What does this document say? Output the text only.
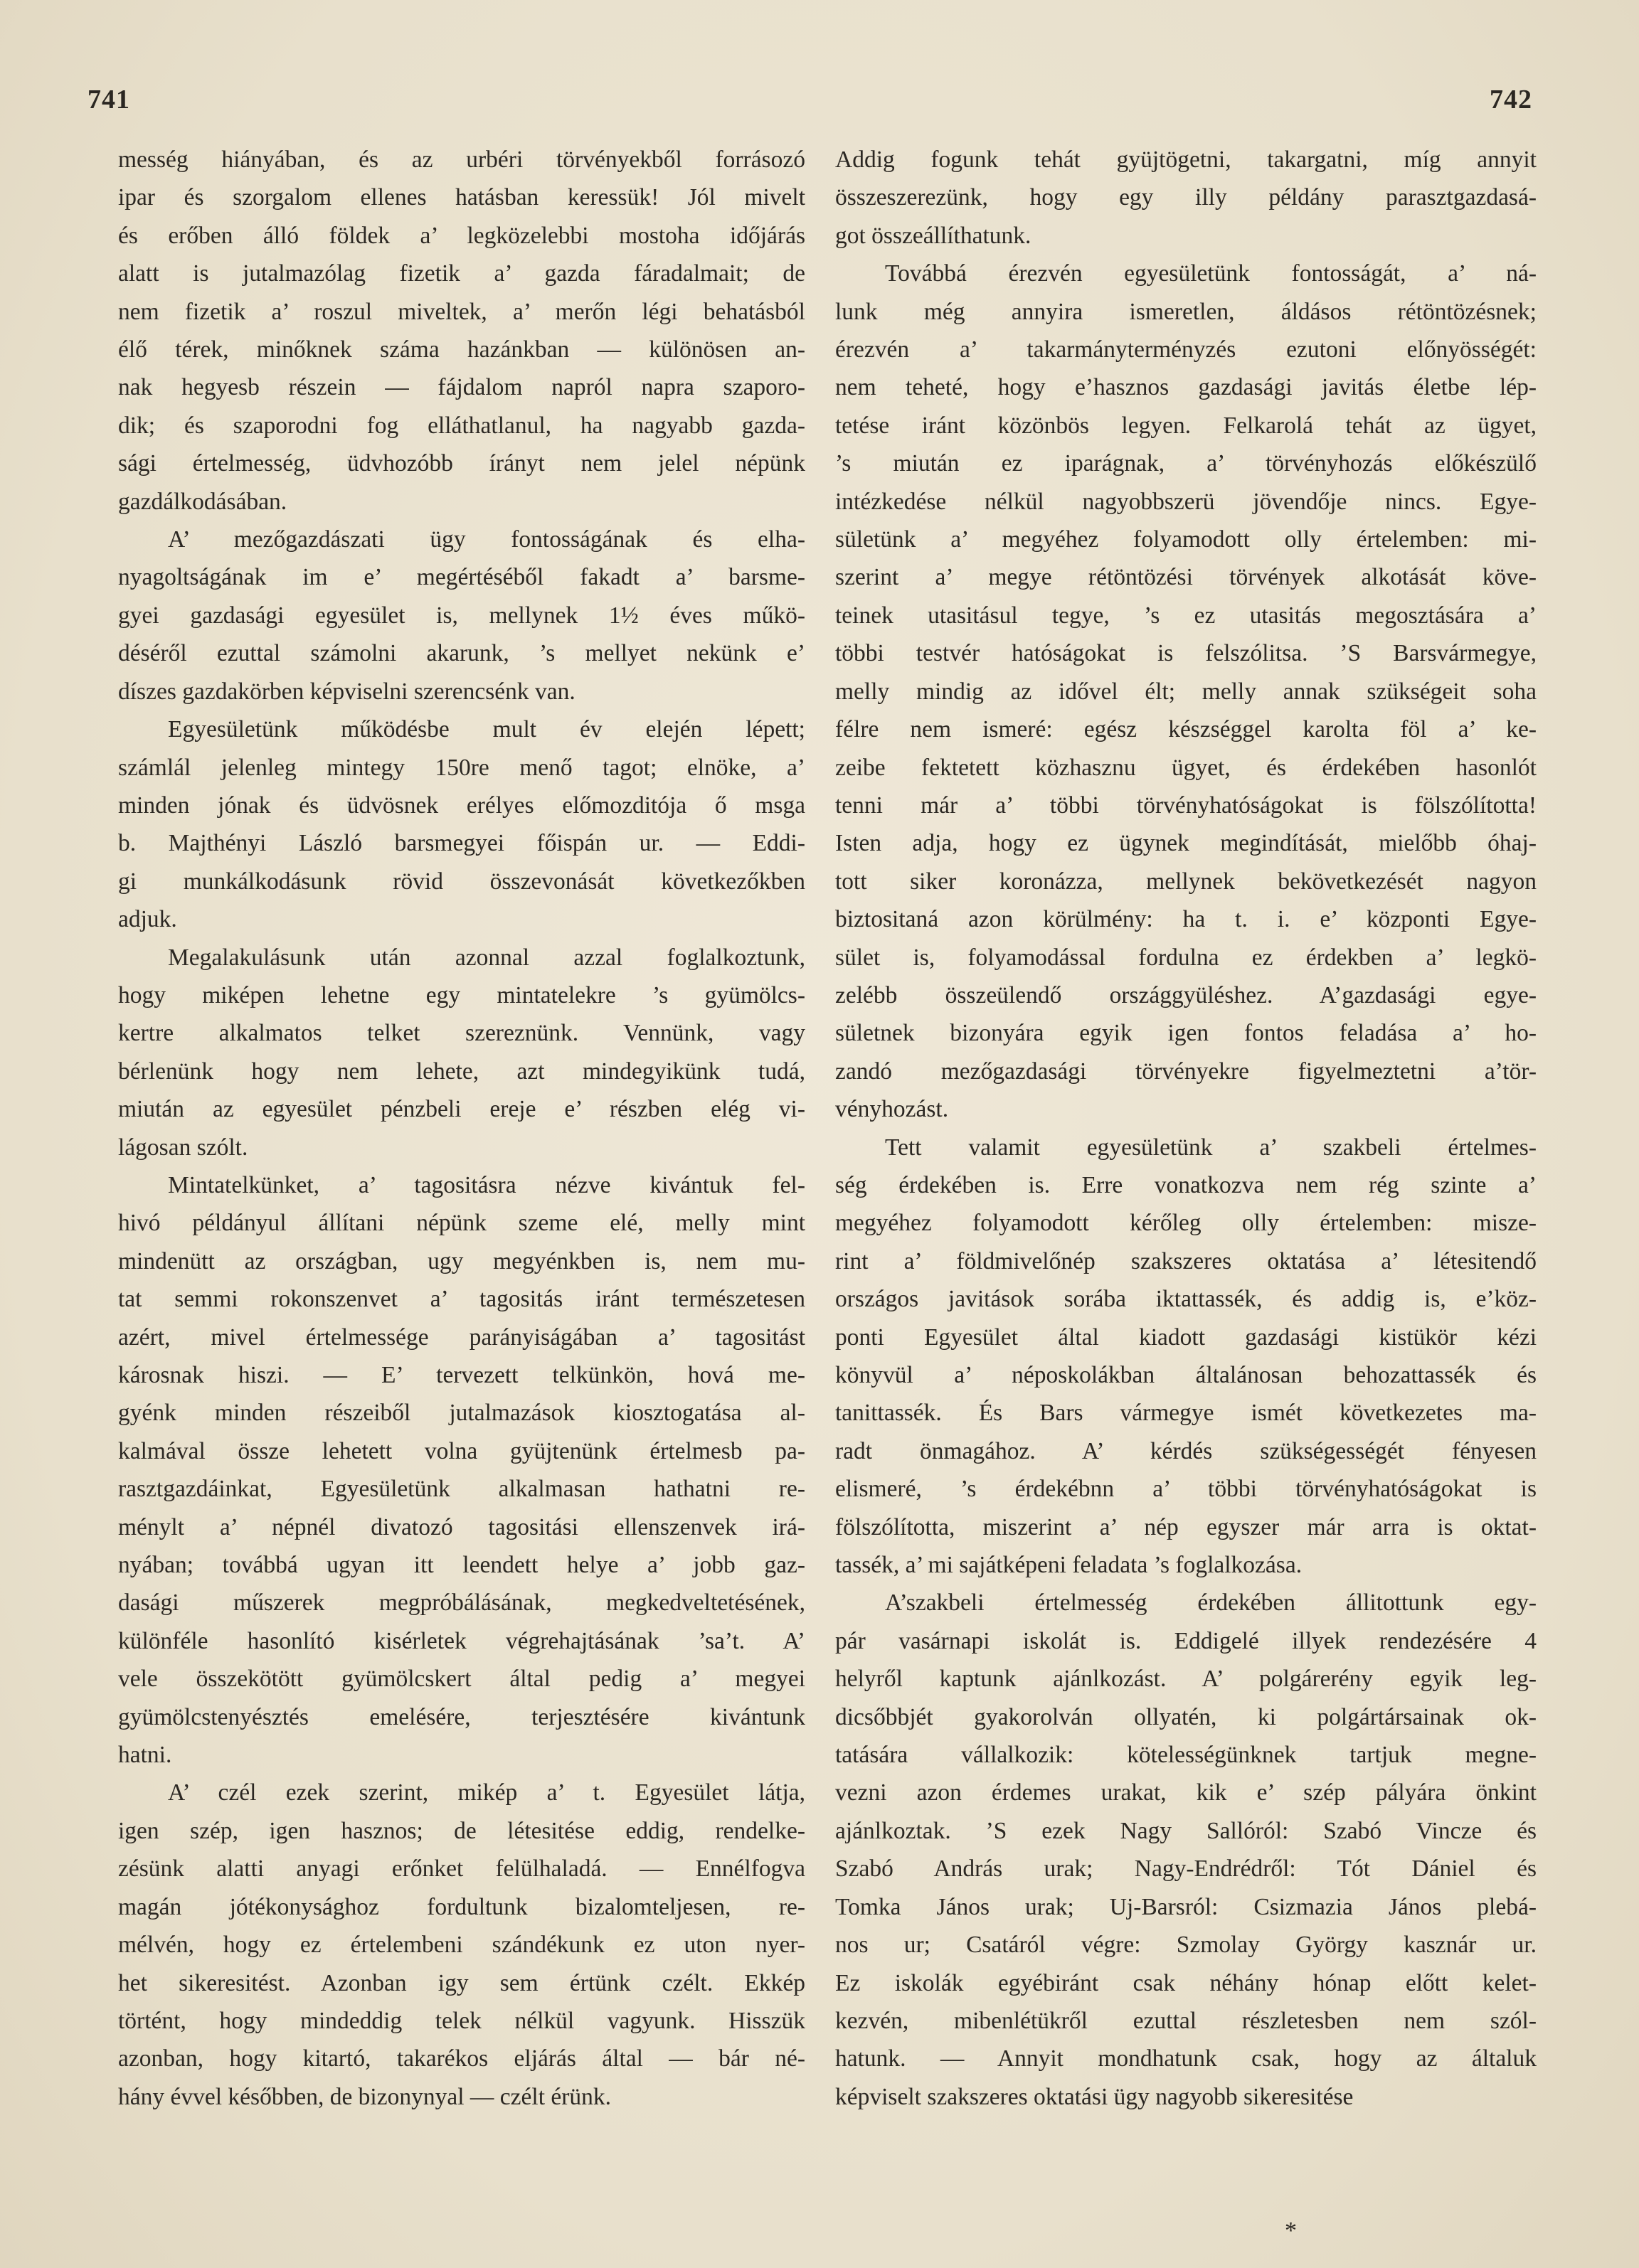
741	742

messég hiányában, és az urbéri törvényekből forrásozó
ipar és szorgalom ellenes hatásban keressük! Jól mivelt
és erőben álló földek a’ legközelebbi mostoha időjárás
alatt is jutalmazólag fizetik a’ gazda fáradalmait; de
nem fizetik a’ roszul miveltek, a’ merőn légi behatásból
élő térek, minőknek száma hazánkban — különösen an-
nak hegyesb részein — fájdalom napról napra szaporo-
dik; és szaporodni fog elláthatlanul, ha nagyabb gazda-
sági értelmesség, üdvhozóbb írányt nem jelel népünk
gazdálkodásában.

A’ mezőgazdászati ügy fontosságának és elha-
nyagoltságának im e’ megértéséből fakadt a’ barsme-
gyei gazdasági egyesület is, mellynek 1½ éves műkö-
déséről ezuttal számolni akarunk, ’s mellyet nekünk e’
díszes gazdakörben képviselni szerencsénk van.

Egyesületünk működésbe mult év elején lépett;
számlál jelenleg mintegy 150re menő tagot; elnöke, a’
minden jónak és üdvösnek erélyes előmozditója ő msga
b. Majthényi László barsmegyei főispán ur. — Eddi-
gi munkálkodásunk rövid összevonását következőkben
adjuk.

Megalakulásunk után azonnal azzal foglalkoztunk,
hogy miképen lehetne egy mintatelekre ’s gyümölcs-
kertre alkalmatos telket szereznünk. Vennünk, vagy
bérlenünk hogy nem lehete, azt mindegyikünk tudá,
miután az egyesület pénzbeli ereje e’ részben elég vi-
lágosan szólt.

Mintatelkünket, a’ tagositásra nézve kivántuk fel-
hivó példányul állítani népünk szeme elé, melly mint
mindenütt az országban, ugy megyénkben is, nem mu-
tat semmi rokonszenvet a’ tagositás iránt természetesen
azért, mivel értelmessége parányiságában a’ tagositást
károsnak hiszi. — E’ tervezett telkünkön, hová me-
gyénk minden részeiből jutalmazások kiosztogatása al-
kalmával össze lehetett volna gyüjtenünk értelmesb pa-
rasztgazdáinkat, Egyesületünk alkalmasan hathatni re-
ménylt a’ népnél divatozó tagositási ellenszenvek irá-
nyában; továbbá ugyan itt leendett helye a’ jobb gaz-
dasági műszerek megpróbálásának, megkedveltetésének,
különféle hasonlító kisérletek végrehajtásának ’sa’t. A’
vele összekötött gyümölcskert által pedig a’ megyei
gyümölcstenyésztés emelésére, terjesztésére kivántunk
hatni.

A’ czél ezek szerint, mikép a’ t. Egyesület látja,
igen szép, igen hasznos; de létesitése eddig, rendelke-
zésünk alatti anyagi erőnket felülhaladá. — Ennélfogva
magán jótékonysághoz fordultunk bizalomteljesen, re-
mélvén, hogy ez értelembeni szándékunk ez uton nyer-
het sikeresitést. Azonban igy sem értünk czélt. Ekkép
történt, hogy mindeddig telek nélkül vagyunk. Hisszük
azonban, hogy kitartó, takarékos eljárás által — bár né-
hány évvel későbben, de bizonynyal — czélt érünk.

Addig fogunk tehát gyüjtögetni, takargatni, míg annyit
összeszerezünk, hogy egy illy példány parasztgazdasá-
got összeállíthatunk.

Továbbá érezvén egyesületünk fontosságát, a’ ná-
lunk még annyira ismeretlen, áldásos rétöntözésnek;
érezvén a’ takarmányterményzés ezutoni előnyösségét:
nem teheté, hogy e’hasznos gazdasági javitás életbe lép-
tetése iránt közönbös legyen. Felkarolá tehát az ügyet,
’s miután ez iparágnak, a’ törvényhozás előkészülő
intézkedése nélkül nagyobbszerü jövendője nincs. Egye-
sületünk a’ megyéhez folyamodott olly értelemben: mi-
szerint a’ megye rétöntözési törvények alkotását köve-
teinek utasitásul tegye, ’s ez utasitás megosztására a’
többi testvér hatóságokat is felszólitsa. ’S Barsvármegye,
melly mindig az idővel élt; melly annak szükségeit soha
félre nem ismeré: egész készséggel karolta föl a’ ke-
zeibe fektetett közhasznu ügyet, és érdekében hasonlót
tenni már a’ többi törvényhatóságokat is fölszólította!
Isten adja, hogy ez ügynek megindítását, mielőbb óhaj-
tott siker koronázza, mellynek bekövetkezését nagyon
biztositaná azon körülmény: ha t. i. e’ központi Egye-
sület is, folyamodással fordulna ez érdekben a’ legkö-
zelébb összeülendő országgyüléshez. A’gazdasági egye-
sületnek bizonyára egyik igen fontos feladása a’ ho-
zandó mezőgazdasági törvényekre figyelmeztetni a’tör-
vényhozást.

Tett valamit egyesületünk a’ szakbeli értelmes-
ség érdekében is. Erre vonatkozva nem rég szinte a’
megyéhez folyamodott kérőleg olly értelemben: misze-
rint a’ földmivelőnép szakszeres oktatása a’ létesitendő
országos javitások sorába iktattassék, és addig is, e’köz-
ponti Egyesület által kiadott gazdasági kistükör kézi
könyvül a’ néposkolákban általánosan behozattassék és
tanittassék. És Bars vármegye ismét következetes ma-
radt önmagához. A’ kérdés szükségességét fényesen
elismeré, ’s érdekébnn a’ többi törvényhatóságokat is
fölszólította, miszerint a’ nép egyszer már arra is oktat-
tassék, a’ mi sajátképeni feladata ’s foglalkozása.

A’szakbeli értelmesség érdekében állitottunk egy-
pár vasárnapi iskolát is. Eddigelé illyek rendezésére 4
helyről kaptunk ajánlkozást. A’ polgárerény egyik leg-
dicsőbbjét gyakorolván ollyatén, ki polgártársainak ok-
tatására vállalkozik: kötelességünknek tartjuk megne-
vezni azon érdemes urakat, kik e’ szép pályára önkint
ajánlkoztak. ’S ezek Nagy Sallóról: Szabó Vincze és
Szabó András urak; Nagy-Endrédről: Tót Dániel és
Tomka János urak; Uj-Barsról: Csizmazia János plebá-
nos ur; Csatáról végre: Szmolay György kasznár ur.
Ez iskolák egyébiránt csak néhány hónap előtt kelet-
kezvén, mibenlétükről ezuttal részletesben nem szól-
hatunk. — Annyit mondhatunk csak, hogy az általuk
képviselt szakszeres oktatási ügy nagyobb sikeresitése

*
